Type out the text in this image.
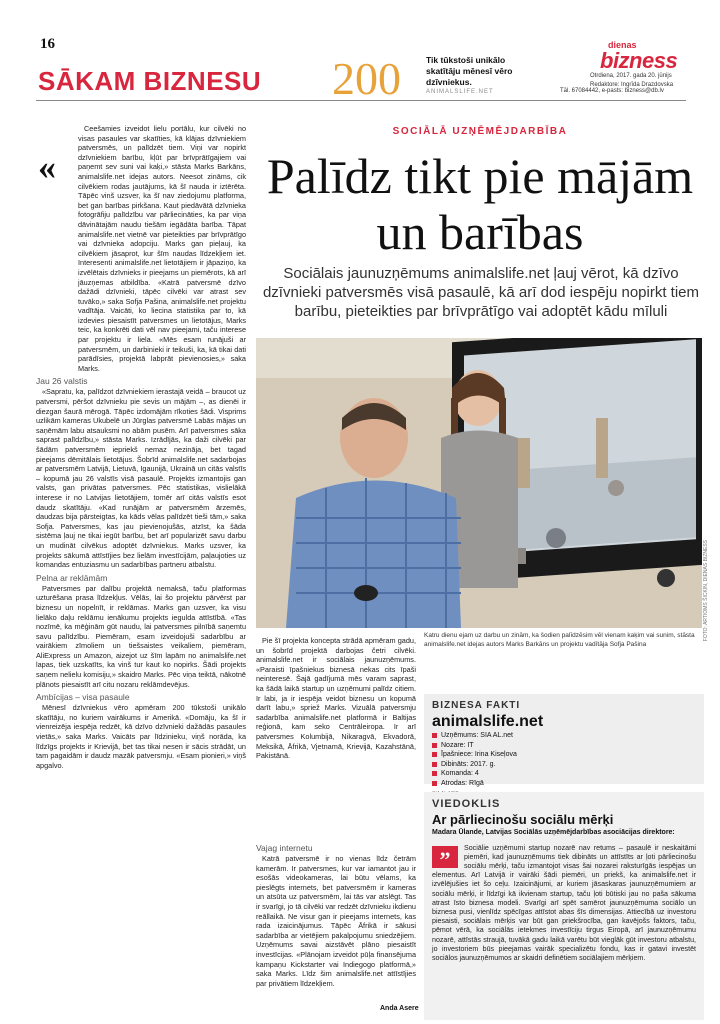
16
SĀKAM BIZNESU 200	Tik tūkstoši unikālo skatītāju mēnesī vēro dzīvniekus.
ANIMALSLIFE.NET
dienas
bizness
Otrdiena, 2017. gada 20. jūnijs
Redaktore: Ingrīda Drazdovska
Tāl. 67084442, e-pasts: bizness@db.lv
SOCIĀLĀ UZŅĒMĒJDARBĪBA
Palīdz tikt pie mājām un barības
Sociālais jaunuzņēmums animalslife.net ļauj vērot, kā dzīvo dzīvnieki patversmēs visā pasaulē, kā arī dod iespēju nopirkt tiem barību, pieteikties par brīvprātīgo vai adoptēt kādu mīluli
«

Ceešamies izveidot lielu portālu, kur cilvēki no visas pasaules var skatīties, kā klājas dzīvniekiem patversmēs, un palīdzēt tiem. Viņi var nopirkt dzīvniekiem barību, kļūt par brīvprātīgajiem vai paņemt sev suni vai kaķi,» stāsta Marks Barkāns, animalslife.net idejas autors. Neesot zināms, cik cilvēkiem rodas jautājums, kā šī nauda ir iztērēta. Tāpēc vinš uzsver, ka šī nav ziedojumu platforma, bet gan barības pirkšana. Kaut piedāvātā dzīvnieka fotogrāfiju palīdzību var pārliecināties, ka par viņa dāvinātajām naudu tiešām iegādāta barība. Tāpat animalslife.net vietnē var pieteikties par brīvprātīgo vai dzīvnieka adopciju. Marks gan pieļauj, ka cilvēkiem jāsaprot, kur šīm naudas līdzekļiem iet. Interesenti animalslife.net lietotājiem ir jāpaziņo, ka izvēlētais dzīvnieks ir pieejams un piemērots, kā arī jāuzņemas atbildība. «Katrā patversmē dzīvo dažādi dzīvnieki, tāpēc cilvēki var atrast sev tuvāko,» saka Sofja Pašina, animalslife.net projektu vadītāja. Vaicāti, ko liecina statistika par to, kā izdevies piesaistīt patversmes un lietotājus, Marks teic, ka konkrēti dati vēl nav pieejami, taču interese par projektu ir liela. «Mēs esam runājuši ar patversmēm, un darbinieki ir teikuši, ka, kā tikai dati parādīsies, projektā labprāt pievienosies,» saka Marks.

Jau 26 valstis

«Sapratu, ka, palīdzot dzīvniekiem ierastajā veidā – braucot uz patversmi, pēršot dzīvnieku pie sevis un mājām –, as dienēi ir diezgan šaurā mērogā. Tāpēc izdomājām rīkoties šādi. Visprims uzlikām kameras Ukubelē un Jūrglas patversmē Labās mājas un saņēmām labu atsauksmi no abām pusēm. Arī patversmes sāka saprast palīdzību,» stāsta Marks. Izrādījās, ka daži cilvēki par šādām patversmēm iepriekš nemaz nezināja, bet tagad pieejams dēmitālais lietotājus. Šobrīd animalslife.net sadarbojas ar patversmēm Latvijā, Lietuvā, Igaunijā, Ukrainā un citās valstīs – kopumā jau 26 valstīs visā pasaulē. Projekts izmantojis gan valsts, gan privātas patversmes. Pēc statistikas, vislielākā interese ir no Latvijas lietotājiem, tomēr arī citās valstīs esot daudz skatītāju. «Kad runājām ar patversmēm ārzemēs, daudzas bija pārsteigtas, ka kāds vēlas palīdzēt tieši tām,» saka Sofja. Patversmes, kas jau pievienojušās, atzīst, ka šāda sistēma ļauj ne tikai iegūt barību, bet arī popularizēt savu darbu un mudināt cilvēkus adoptēt dzīvniekus. Marks uzsver, ka projekts sākumā attīstījies bez lielām investīcijām, paļaujoties uz komandas entuziasmu un sadarbības partneru atbalstu.

Pelna ar reklāmām

Patversmes par dalību projektā nemaksā, taču platformas uzturēšana prasa līdzekļus. Vēlās, lai šo projektu pārvērst par biznesu un nopelnīt, ir reklāmas. Marks gan uzsver, ka visu lielāko daļu reklāmu ienākumu projekts iegulda attīstībā. «Tas nozīmē, ka mēģinām gūt naudu, lai patversmes pilnībā saņemtu savu palīdzību. Piemēram, esam izveidojuši sadarbību ar vairākiem zīmoliem un tiešsaistes veikaliem, piemēram, AliExpress un Amazon, aizejot uz šīm lapām no animalslife.net lapas, tiek uzskatīts, ka vinš tur kaut ko nopirks. Šādi projekts saņem nelielu komisiju,» skaidro Marks. Pēc viņa teiktā, nākotnē plānots piesaistīt arī citu nozaru reklāmdevējus.

Ambīcijas – visa pasaule

Mēnesī dzīvniekus vēro apmēram 200 tūkstoši unikālo skatītāju, no kuriem vairākums ir Amerikā. «Domāju, ka šī ir vienreizēja iespēja redzēt, kā dzīvo dzīvnieki dažādās pasaules vietās,» saka Marks. Vaicāts par līdzinieku, viņš norāda, ka līdzīgs projekts ir Krievijā, bet tas tikai nesen ir sācis strādāt, un tam pagaidām ir daudz mazāk patversmju. «Esam pionieri,» viņš apgalvo.

FOTO: ARTIOMS ŠICKIN, DIENAS BIZNESS
Katru dienu ejam uz darbu un zinām, ka šodien palīdzēsim vēl vienam kaķim vai sunim, stāsta animalslife.net idejas autors Marks Barkāns un projektu vadītāja Sofja Pašina

Pie šī projekta koncepta strādā apmēram gadu, un šobrīd projektā darbojas četri cilvēki. animalslife.net ir sociālais jaunuzņēmums. «Paraisti īpašniekus biznesā nekas cits īpaši neinteresē. Šajā gadījumā mēs varam saprast, ka šādā laikā startup un uzņēmumi palīdz citiem. Ir labi, ja ir iespēja veidot biznesu un kopumā darīt labu,» spriež Marks. Vizuālā patversmju sadarbība animalslife.net platformā ir Baltijas reģionā, kam seko Centrāleiropa. Ir arī patversmes Kolumbijā, Nikaragvā, Ekvadorā, Meksikā, Āfrikā, Vjetnamā, Krievijā, Kazahstānā, Pakistānā.

Vajag internetu

Katrā patversmē ir no vienas līdz četrām kamerām. Ir patversmes, kur var iamantot jau ir esošās videokameras, lai būtu vēlams, ka pieslēgts internets, bet patversmēm ir kameras un atsūta uz patversmēm, lai tās var atslēgt. Tas ir svarīgi, jo tā cilvēki var redzēt dzīvnieku ikdienu reāllaikā. Ne visur gan ir pieejams internets, kas rada izaicinājumus. Tāpēc Āfrikā ir sākusi sadarbība ar vietējiem pakalpojumu sniedzējiem. Uzņēmums savai aizstāvēt plāno piesaistīt investīcijas. «Plānojam izveidot pūļa finansējuma kampaņu Kickstarter vai Indiegogo platformā,» saka Marks. Līdz šim animalslife.net attīstījies par privātiem līdzekļiem.

Anda Asere
BIZNESA FAKTI
animalslife.net
Uzņēmums: SIA AL.net
Nozare: IT
Īpašniece: Irina Kiseļova
Dibināts: 2017. g.
Komanda: 4
Atrodas: Rīgā
VIEDOKLIS
Ar pārliecinošu sociālu mērķi
Madara Ūlande, Latvijas Sociālās uzņēmējdarbības asociācijas direktore:
”	Sociālie uzņēmumi startup nozarē nav retums – pasaulē ir neskaitāmi piemēri, kad jaunuzņēmums tiek dibināts un attīstīts ar ļoti pārliecinošu sociālu mērķi, taču izmantojot visas šai nozarei raksturīgās iespējas un elementus. Arī Latvijā ir vairāki šādi piemēri, un priekš, ka animalslife.net ir izvēlējušies iet šo ceļu. Izaicinājumi, ar kuriem jāsaskaras jaunuzņēmumiem ar sociālu mērķi, ir līdzīgi kā ikvienam startup, taču ļoti būtiski jau no paša sākuma atrast īsto biznesa modeli. Svarīgi arī spēt samērot jaunuzņēmuma sociālo un biznesa pusi, vienlīdz spēcīgas attīstot abas šīs dimensijas. Attiecībā uz investoru piesaisti, sociālais mērķis var būt gan priekšrocība, gan kavējošs faktors, taču, pēmot vērā, ka sociālās ietekmes investīciju tirgus Eiropā, arī jaunuzņēmumu nozarē, attīstās straujā, tuvākā gadu laikā varētu būt vieglāk gūt investoru atbalstu, jo investoriem būs pieejamas vairāk specializētu fondu, kas ir gatavi investēt sociālos jaunuzņēmumos ar skaidri definētiem sociālajiem mērķiem.
